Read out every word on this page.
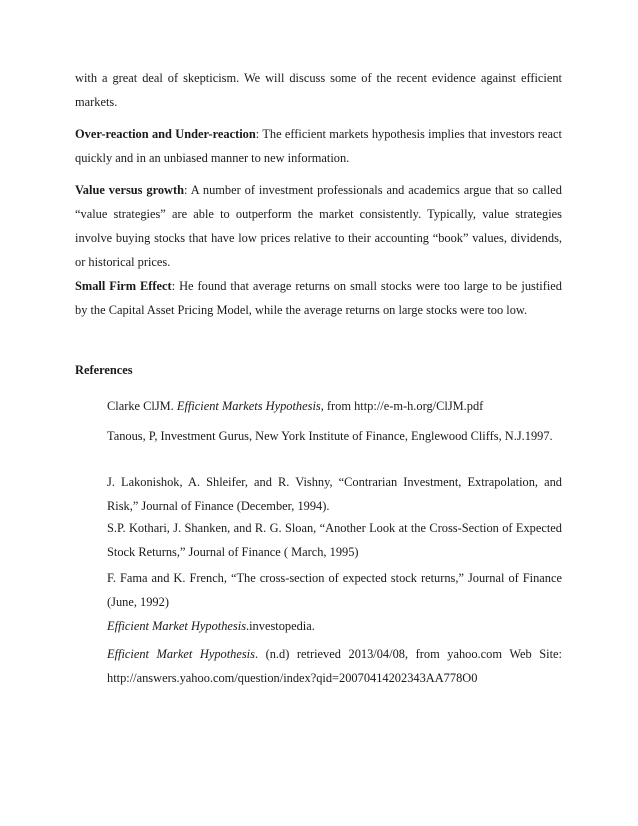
with a great deal of skepticism. We will discuss some of the recent evidence against efficient markets.

Over-reaction and Under-reaction: The efficient markets hypothesis implies that investors react quickly and in an unbiased manner to new information.

Value versus growth: A number of investment professionals and academics argue that so called “value strategies” are able to outperform the market consistently. Typically, value strategies involve buying stocks that have low prices relative to their accounting “book” values, dividends, or historical prices.

Small Firm Effect: He found that average returns on small stocks were too large to be justified by the Capital Asset Pricing Model, while the average returns on large stocks were too low.

References

Clarke ClJM. Efficient Markets Hypothesis, from http://e-m-h.org/ClJM.pdf

Tanous, P, Investment Gurus, New York Institute of Finance, Englewood Cliffs, N.J.1997.

J. Lakonishok, A. Shleifer, and R. Vishny, “Contrarian Investment, Extrapolation, and Risk,” Journal of Finance (December, 1994).

S.P. Kothari, J. Shanken, and R. G. Sloan, “Another Look at the Cross-Section of Expected Stock Returns,” Journal of Finance ( March, 1995)

F. Fama and K. French, “The cross-section of expected stock returns,” Journal of Finance (June, 1992)

Efficient Market Hypothesis.investopedia.

Efficient Market Hypothesis. (n.d) retrieved 2013/04/08, from yahoo.com Web Site: http://answers.yahoo.com/question/index?qid=20070414202343AA778O0
